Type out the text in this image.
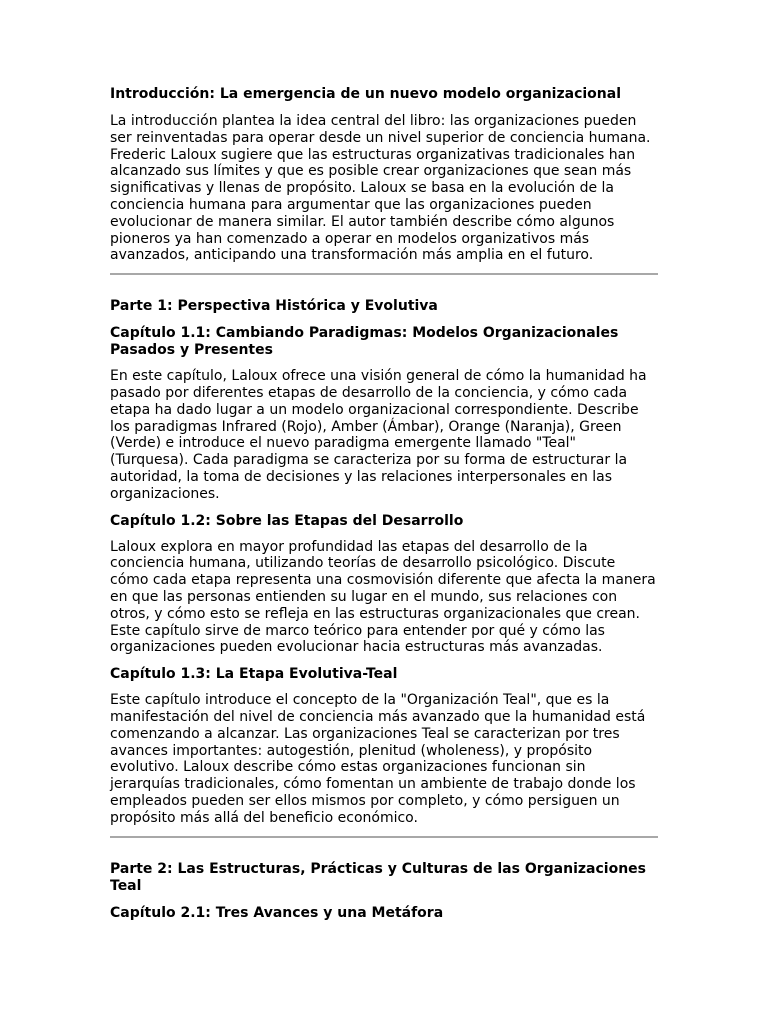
Introducción: La emergencia de un nuevo modelo organizacional

La introducción plantea la idea central del libro: las organizaciones pueden ser reinventadas para operar desde un nivel superior de conciencia humana. Frederic Laloux sugiere que las estructuras organizativas tradicionales han alcanzado sus límites y que es posible crear organizaciones que sean más significativas y llenas de propósito. Laloux se basa en la evolución de la conciencia humana para argumentar que las organizaciones pueden evolucionar de manera similar. El autor también describe cómo algunos pioneros ya han comenzado a operar en modelos organizativos más avanzados, anticipando una transformación más amplia en el futuro.

Parte 1: Perspectiva Histórica y Evolutiva

Capítulo 1.1: Cambiando Paradigmas: Modelos Organizacionales Pasados y Presentes

En este capítulo, Laloux ofrece una visión general de cómo la humanidad ha pasado por diferentes etapas de desarrollo de la conciencia, y cómo cada etapa ha dado lugar a un modelo organizacional correspondiente. Describe los paradigmas Infrared (Rojo), Amber (Ámbar), Orange (Naranja), Green (Verde) e introduce el nuevo paradigma emergente llamado "Teal" (Turquesa). Cada paradigma se caracteriza por su forma de estructurar la autoridad, la toma de decisiones y las relaciones interpersonales en las organizaciones.

Capítulo 1.2: Sobre las Etapas del Desarrollo

Laloux explora en mayor profundidad las etapas del desarrollo de la conciencia humana, utilizando teorías de desarrollo psicológico. Discute cómo cada etapa representa una cosmovisión diferente que afecta la manera en que las personas entienden su lugar en el mundo, sus relaciones con otros, y cómo esto se refleja en las estructuras organizacionales que crean. Este capítulo sirve de marco teórico para entender por qué y cómo las organizaciones pueden evolucionar hacia estructuras más avanzadas.

Capítulo 1.3: La Etapa Evolutiva-Teal

Este capítulo introduce el concepto de la "Organización Teal", que es la manifestación del nivel de conciencia más avanzado que la humanidad está comenzando a alcanzar. Las organizaciones Teal se caracterizan por tres avances importantes: autogestión, plenitud (wholeness), y propósito evolutivo. Laloux describe cómo estas organizaciones funcionan sin jerarquías tradicionales, cómo fomentan un ambiente de trabajo donde los empleados pueden ser ellos mismos por completo, y cómo persiguen un propósito más allá del beneficio económico.

Parte 2: Las Estructuras, Prácticas y Culturas de las Organizaciones Teal

Capítulo 2.1: Tres Avances y una Metáfora
